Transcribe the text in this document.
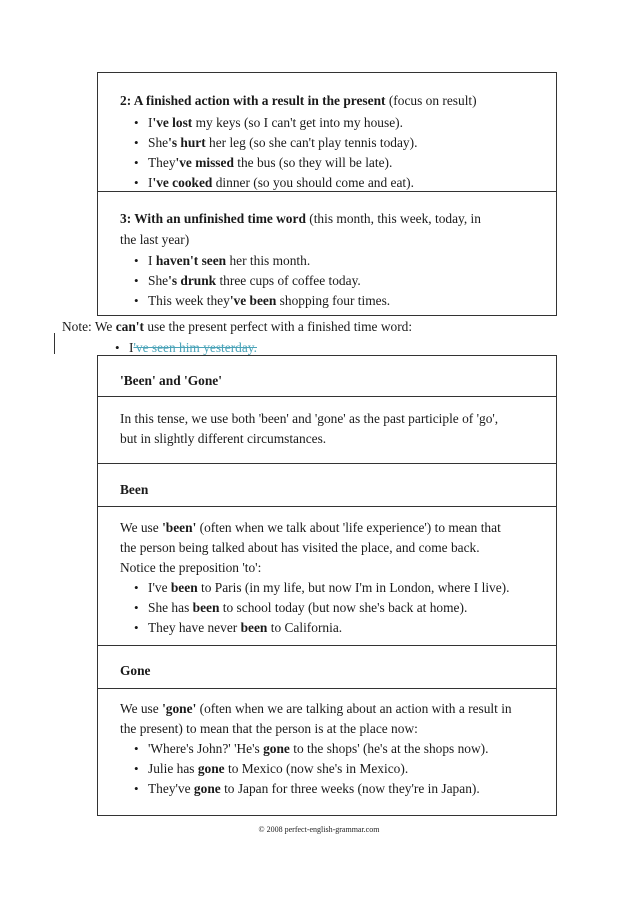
2: A finished action with a result in the present (focus on result)
• I've lost my keys (so I can't get into my house).
• She's hurt her leg (so she can't play tennis today).
• They've missed the bus (so they will be late).
• I've cooked dinner (so you should come and eat).
3: With an unfinished time word (this month, this week, today, in
the last year)
• I haven't seen her this month.
• She's drunk three cups of coffee today.
• This week they've been shopping four times.
Note: We can't use the present perfect with a finished time word:
• I've seen him yesterday.
'Been' and 'Gone'
In this tense, we use both 'been' and 'gone' as the past participle of 'go',
but in slightly different circumstances.
Been
We use 'been' (often when we talk about 'life experience') to mean that
the person being talked about has visited the place, and come back.
Notice the preposition 'to':
• I've been to Paris (in my life, but now I'm in London, where I live).
• She has been to school today (but now she's back at home).
• They have never been to California.
Gone
We use 'gone' (often when we are talking about an action with a result in
the present) to mean that the person is at the place now:
• 'Where's John?' 'He's gone to the shops' (he's at the shops now).
• Julie has gone to Mexico (now she's in Mexico).
• They've gone to Japan for three weeks (now they're in Japan).
© 2008 perfect-english-grammar.com
